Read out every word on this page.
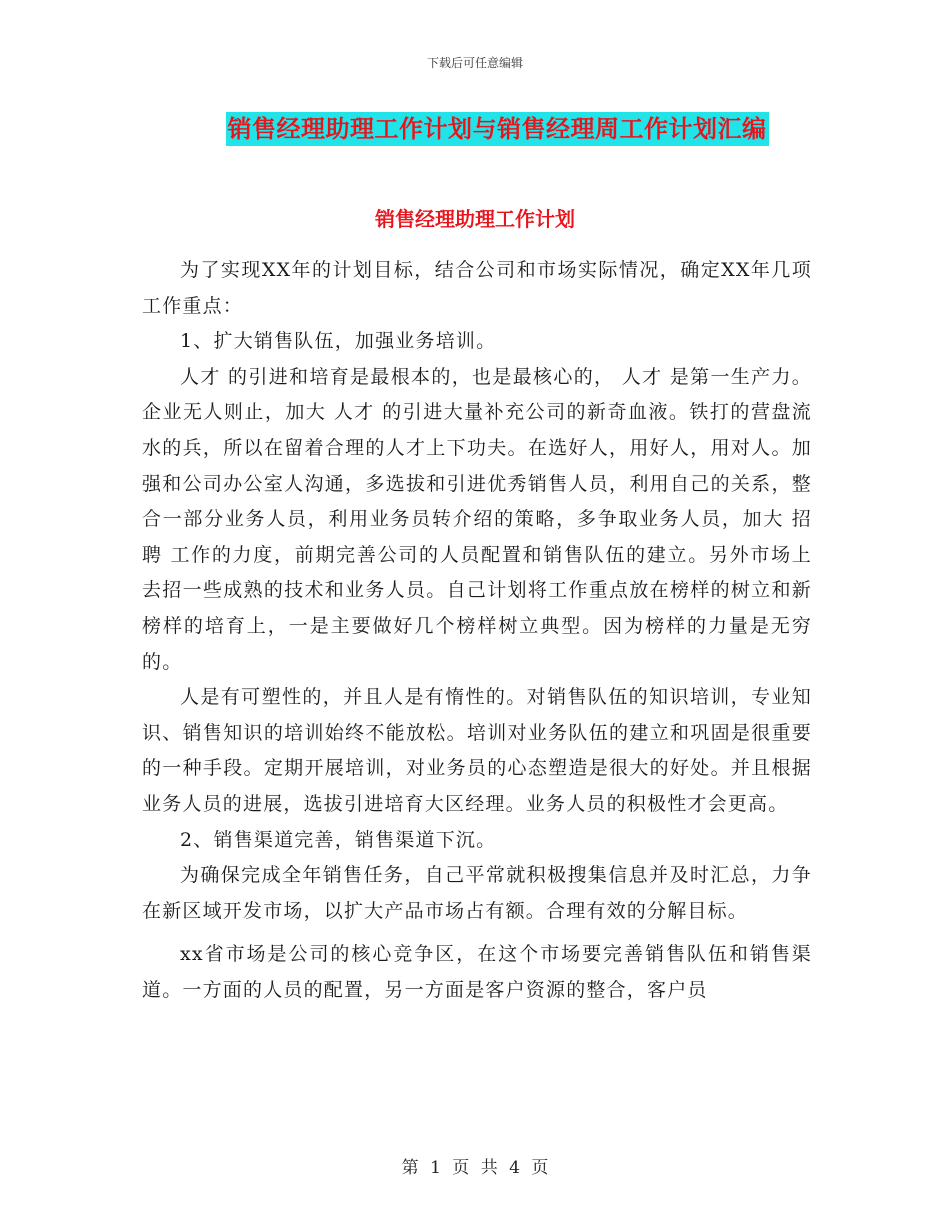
下载后可任意编辑
销售经理助理工作计划与销售经理周工作计划汇编
销售经理助理工作计划

为了实现XX年的计划目标，结合公司和市场实际情况，确定XX年几项工作重点：

1、扩大销售队伍，加强业务培训。

人才 的引进和培育是最根本的，也是最核心的， 人才 是第一生产力。企业无人则止，加大 人才 的引进大量补充公司的新奇血液。铁打的营盘流水的兵，所以在留着合理的人才上下功夫。在选好人，用好人，用对人。加强和公司办公室人沟通，多选拔和引进优秀销售人员，利用自己的关系，整合一部分业务人员，利用业务员转介绍的策略，多争取业务人员，加大 招聘 工作的力度，前期完善公司的人员配置和销售队伍的建立。另外市场上去招一些成熟的技术和业务人员。自己计划将工作重点放在榜样的树立和新榜样的培育上，一是主要做好几个榜样树立典型。因为榜样的力量是无穷的。

人是有可塑性的，并且人是有惰性的。对销售队伍的知识培训，专业知识、销售知识的培训始终不能放松。培训对业务队伍的建立和巩固是很重要的一种手段。定期开展培训，对业务员的心态塑造是很大的好处。并且根据业务人员的进展，选拔引进培育大区经理。业务人员的积极性才会更高。

2、销售渠道完善，销售渠道下沉。

为确保完成全年销售任务，自己平常就积极搜集信息并及时汇总，力争在新区域开发市场，以扩大产品市场占有额。合理有效的分解目标。

xx省市场是公司的核心竞争区，在这个市场要完善销售队伍和销售渠道。一方面的人员的配置，另一方面是客户资源的整合，客户员

第 1 页 共 4 页
